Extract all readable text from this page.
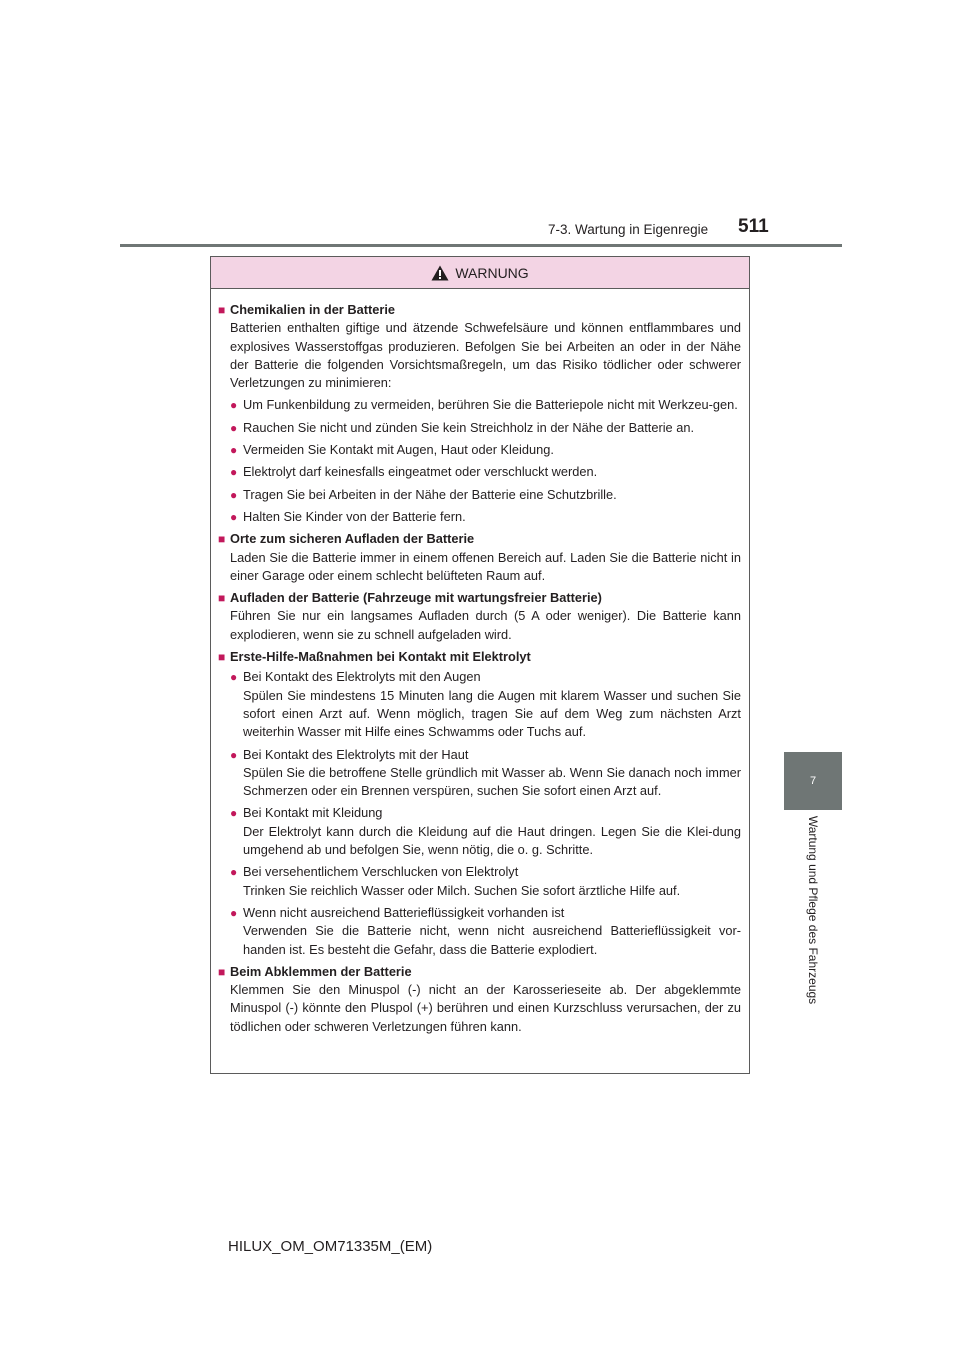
7-3. Wartung in Eigenregie 511
7
Wartung und Pflege des Fahrzeugs
WARNUNG
■ Chemikalien in der Batterie
Batterien enthalten giftige und ätzende Schwefelsäure und können entflammbares und explosives Wasserstoffgas produzieren. Befolgen Sie bei Arbeiten an oder in der Nähe der Batterie die folgenden Vorsichtsmaßregeln, um das Risiko tödlicher oder schwerer Verletzungen zu minimieren:
● Um Funkenbildung zu vermeiden, berühren Sie die Batteriepole nicht mit Werkzeu-gen.
● Rauchen Sie nicht und zünden Sie kein Streichholz in der Nähe der Batterie an.
● Vermeiden Sie Kontakt mit Augen, Haut oder Kleidung.
● Elektrolyt darf keinesfalls eingeatmet oder verschluckt werden.
● Tragen Sie bei Arbeiten in der Nähe der Batterie eine Schutzbrille.
● Halten Sie Kinder von der Batterie fern.
■ Orte zum sicheren Aufladen der Batterie
Laden Sie die Batterie immer in einem offenen Bereich auf. Laden Sie die Batterie nicht in einer Garage oder einem schlecht belüfteten Raum auf.
■ Aufladen der Batterie (Fahrzeuge mit wartungsfreier Batterie)
Führen Sie nur ein langsames Aufladen durch (5 A oder weniger). Die Batterie kann explodieren, wenn sie zu schnell aufgeladen wird.
■ Erste-Hilfe-Maßnahmen bei Kontakt mit Elektrolyt
● Bei Kontakt des Elektrolyts mit den Augen
Spülen Sie mindestens 15 Minuten lang die Augen mit klarem Wasser und suchen Sie sofort einen Arzt auf. Wenn möglich, tragen Sie auf dem Weg zum nächsten Arzt weiterhin Wasser mit Hilfe eines Schwamms oder Tuchs auf.
● Bei Kontakt des Elektrolyts mit der Haut
Spülen Sie die betroffene Stelle gründlich mit Wasser ab. Wenn Sie danach noch immer Schmerzen oder ein Brennen verspüren, suchen Sie sofort einen Arzt auf.
● Bei Kontakt mit Kleidung
Der Elektrolyt kann durch die Kleidung auf die Haut dringen. Legen Sie die Klei-dung umgehend ab und befolgen Sie, wenn nötig, die o. g. Schritte.
● Bei versehentlichem Verschlucken von Elektrolyt
Trinken Sie reichlich Wasser oder Milch. Suchen Sie sofort ärztliche Hilfe auf.
● Wenn nicht ausreichend Batterieflüssigkeit vorhanden ist
Verwenden Sie die Batterie nicht, wenn nicht ausreichend Batterieflüssigkeit vor-handen ist. Es besteht die Gefahr, dass die Batterie explodiert.
■ Beim Abklemmen der Batterie
Klemmen Sie den Minuspol (-) nicht an der Karosserieseite ab. Der abgeklemmte Minuspol (-) könnte den Pluspol (+) berühren und einen Kurzschluss verursachen, der zu tödlichen oder schweren Verletzungen führen kann.
HILUX_OM_OM71335M_(EM)
